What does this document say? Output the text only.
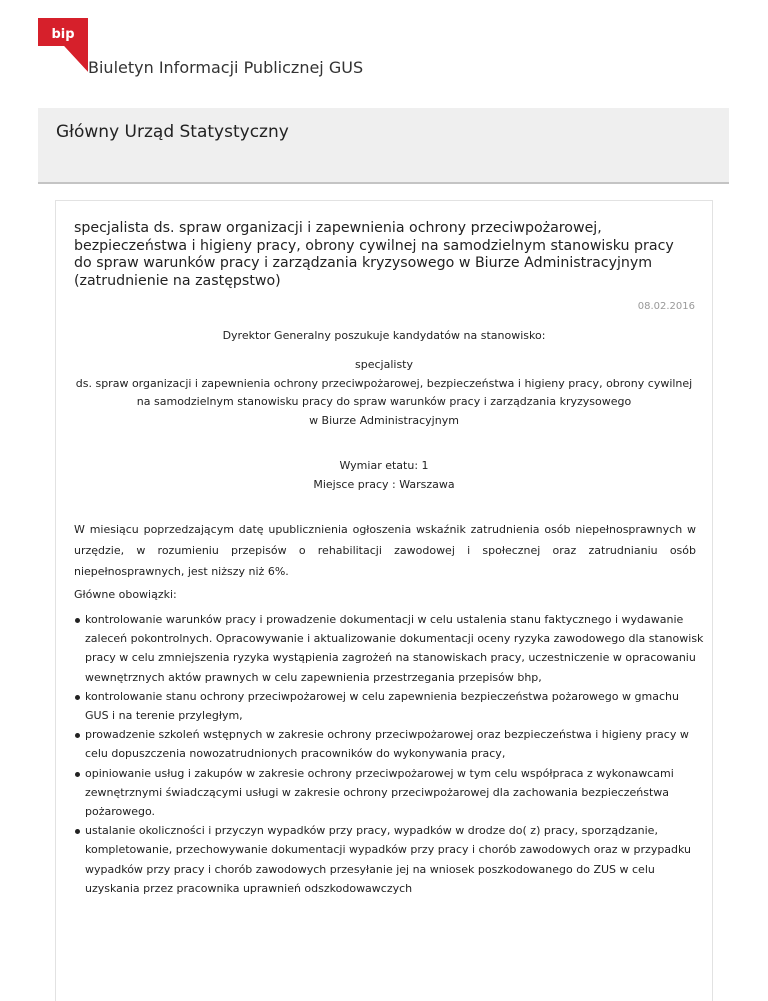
bip
Biuletyn Informacji Publicznej GUS
Główny Urząd Statystyczny
specjalista ds. spraw organizacji i zapewnienia ochrony przeciwpożarowej, bezpieczeństwa i higieny pracy, obrony cywilnej na samodzielnym stanowisku pracy do spraw warunków pracy i zarządzania kryzysowego w Biurze Administracyjnym (zatrudnienie na zastępstwo)
08.02.2016
Dyrektor Generalny poszukuje kandydatów na stanowisko:
specjalisty
ds. spraw organizacji i zapewnienia ochrony przeciwpożarowej, bezpieczeństwa i higieny pracy, obrony cywilnej
na samodzielnym stanowisku pracy do spraw warunków pracy i zarządzania kryzysowego
w Biurze Administracyjnym
Wymiar etatu: 1
Miejsce pracy : Warszawa
W miesiącu poprzedzającym datę upublicznienia ogłoszenia wskaźnik zatrudnienia osób niepełnosprawnych w urzędzie, w rozumieniu przepisów o rehabilitacji zawodowej i społecznej oraz zatrudnianiu osób niepełnosprawnych, jest niższy niż 6%.
Główne obowiązki:
kontrolowanie warunków pracy i prowadzenie dokumentacji w celu ustalenia stanu faktycznego i wydawanie zaleceń pokontrolnych. Opracowywanie i aktualizowanie dokumentacji oceny ryzyka zawodowego dla stanowisk pracy w celu zmniejszenia ryzyka wystąpienia zagrożeń na stanowiskach pracy, uczestniczenie w opracowaniu wewnętrznych aktów prawnych w celu zapewnienia przestrzegania przepisów bhp,
kontrolowanie stanu ochrony przeciwpożarowej w celu zapewnienia bezpieczeństwa pożarowego w gmachu GUS i na terenie przyległym,
prowadzenie szkoleń wstępnych w zakresie ochrony przeciwpożarowej oraz bezpieczeństwa i higieny pracy w celu dopuszczenia nowozatrudnionych pracowników do wykonywania pracy,
opiniowanie usług i zakupów w zakresie ochrony przeciwpożarowej w tym celu współpraca z wykonawcami zewnętrznymi świadczącymi usługi w zakresie ochrony przeciwpożarowej dla zachowania bezpieczeństwa pożarowego.
ustalanie okoliczności i przyczyn wypadków przy pracy, wypadków w drodze do( z) pracy, sporządzanie, kompletowanie, przechowywanie dokumentacji wypadków przy pracy i chorób zawodowych oraz w przypadku wypadków przy pracy i chorób zawodowych przesyłanie jej na wniosek poszkodowanego do ZUS w celu uzyskania przez pracownika uprawnień odszkodowawczych
